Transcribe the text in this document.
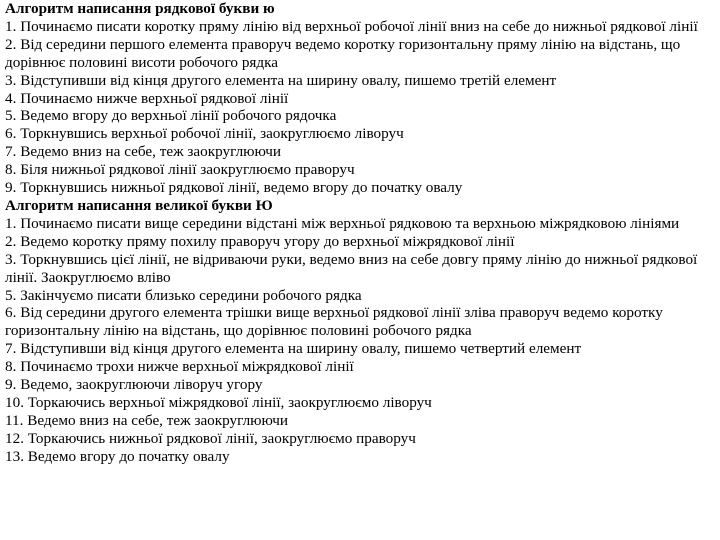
Алгоритм написання рядкової букви ю
1. Починаємо писати коротку пряму лінію від верхньої робочої лінії вниз на себе до нижньої рядкової лінії
2. Від середини першого елемента праворуч ведемо коротку горизонтальну пряму лінію на відстань, що дорівнює половині висоти робочого рядка
3. Відступивши від кінця другого елемента на ширину овалу, пишемо третій елемент
4. Починаємо нижче верхньої рядкової лінії
5. Ведемо вгору до верхньої лінії робочого рядочка
6. Торкнувшись верхньої робочої лінії, заокруглюємо ліворуч
7. Ведемо вниз на себе, теж заокруглюючи
8. Біля нижньої рядкової лінії заокруглюємо праворуч
9. Торкнувшись нижньої рядкової лінії, ведемо вгору до початку овалу
Алгоритм написання великої букви Ю
1. Починаємо писати вище середини відстані між верхньої рядковою та верхньою міжрядковою лініями
2. Ведемо коротку пряму похилу праворуч угору до верхньої міжрядкової лінії
3. Торкнувшись цієї лінії, не відриваючи руки, ведемо вниз на себе довгу пряму лінію до нижньої рядкової лінії. Заокруглюємо вліво
5. Закінчуємо писати близько середини робочого рядка
6. Від середини другого елемента трішки вище верхньої рядкової лінії зліва праворуч ведемо коротку горизонтальну лінію на відстань, що дорівнює половині робочого рядка
7. Відступивши від кінця другого елемента на ширину овалу, пишемо четвертий елемент
8. Починаємо трохи нижче верхньої міжрядкової лінії
9. Ведемо, заокруглюючи ліворуч угору
10. Торкаючись верхньої міжрядкової лінії, заокруглюємо ліворуч
11. Ведемо вниз на себе, теж заокруглюючи
12. Торкаючись нижньої рядкової лінії, заокруглюємо праворуч
13. Ведемо вгору до початку овалу
